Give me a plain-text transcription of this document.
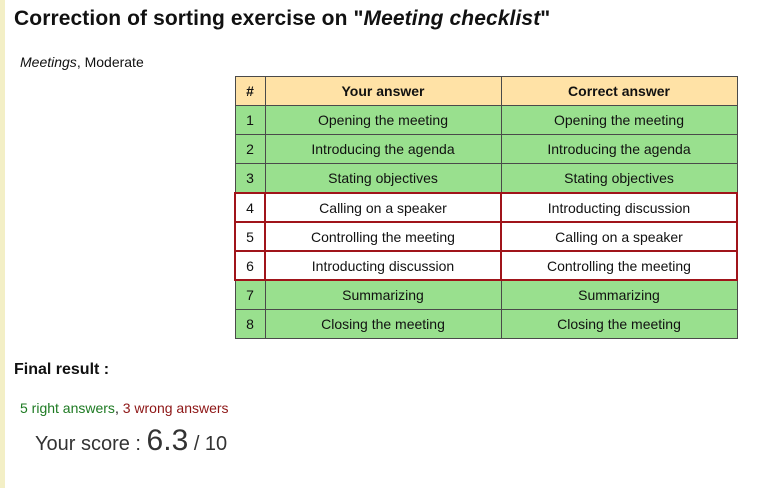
Correction of sorting exercise on "Meeting checklist"
Meetings, Moderate
#	Your answer	Correct answer
1	Opening the meeting	Opening the meeting
2	Introducing the agenda	Introducing the agenda
3	Stating objectives	Stating objectives
4	Calling on a speaker	Introducting discussion
5	Controlling the meeting	Calling on a speaker
6	Introducting discussion	Controlling the meeting
7	Summarizing	Summarizing
8	Closing the meeting	Closing the meeting
Final result :
5 right answers, 3 wrong answers
Your score : 6.3 / 10
